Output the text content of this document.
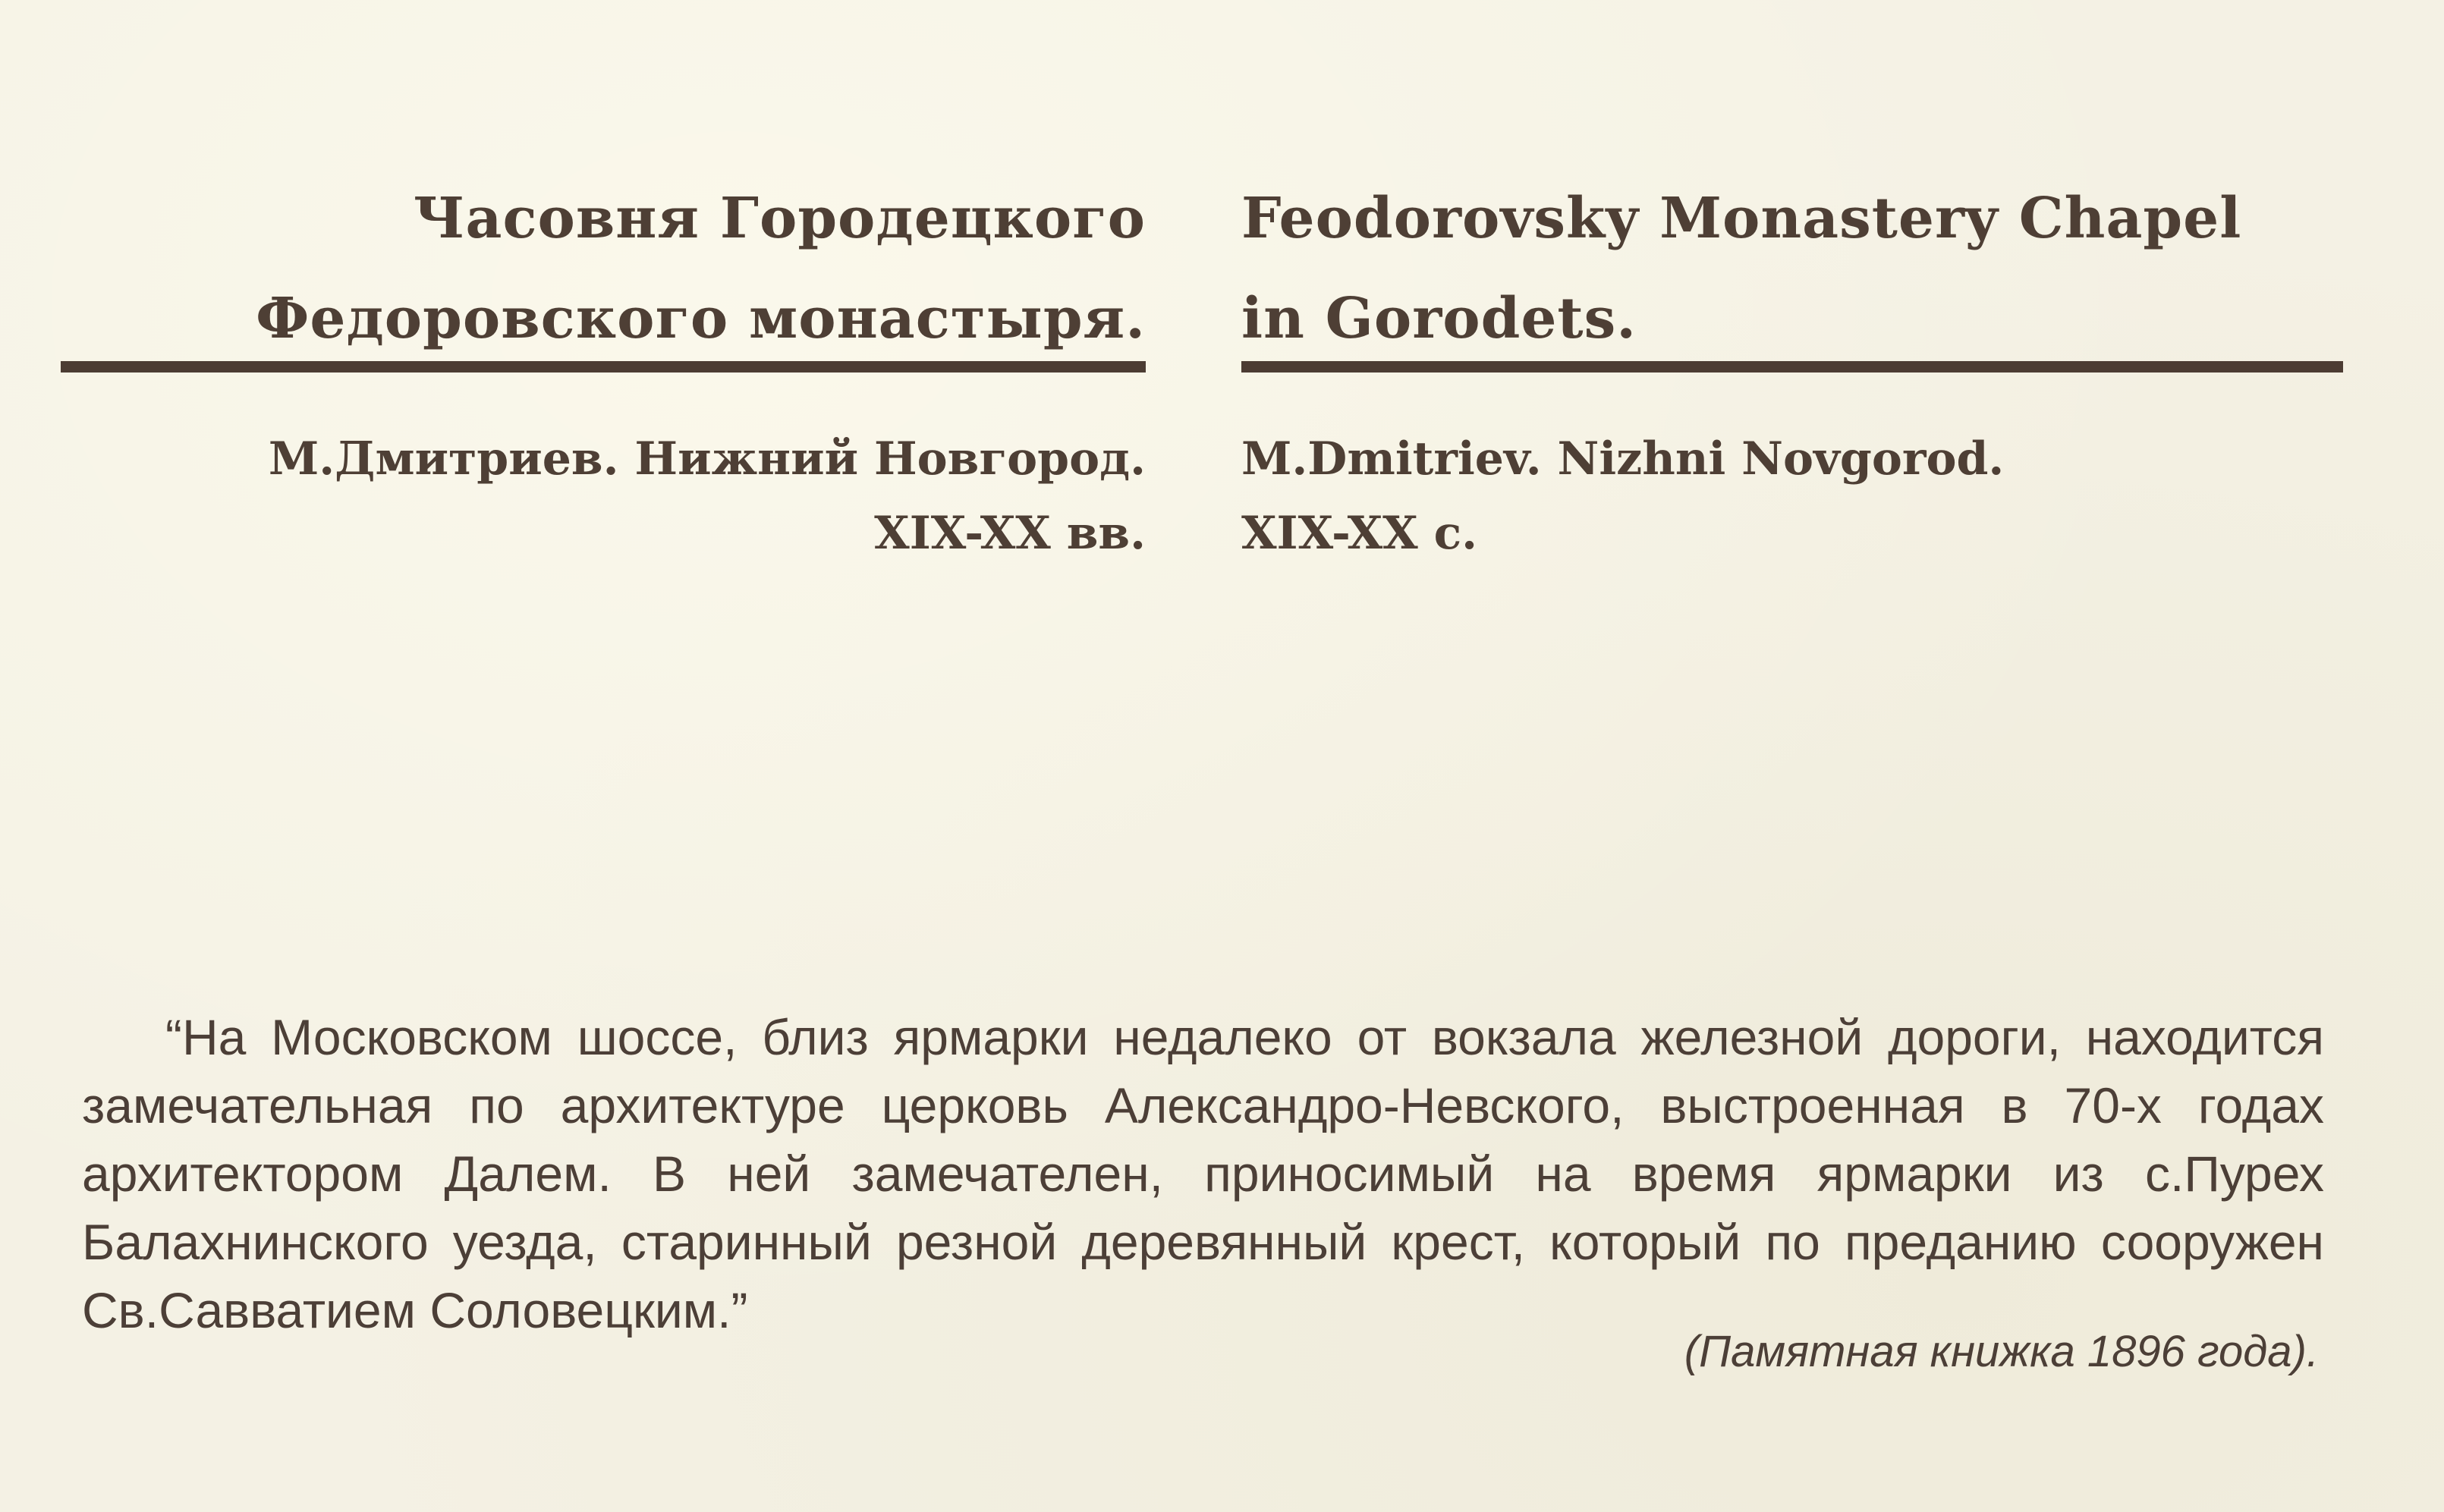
Часовня Городецкого
Федоровского монастыря.
М.Дмитриев. Нижний Новгород.
XIX-XX вв.
Feodorovsky Monastery Chapel
in Gorodets.
M.Dmitriev. Nizhni Novgorod.
XIX-XX c.
“На Московском шоссе, близ ярмарки недалеко от вокзала железной дороги, находится замечательная по архитектуре церковь Александро-Невского, выстроенная в 70-х годах архитектором Далем. В ней замечателен, приносимый на время ярмарки из с.Пурех Балахнинского уезда, старинный резной деревянный крест, который по преданию сооружен Св.Савватием Соловецким.”
(Памятная книжка 1896 года).
